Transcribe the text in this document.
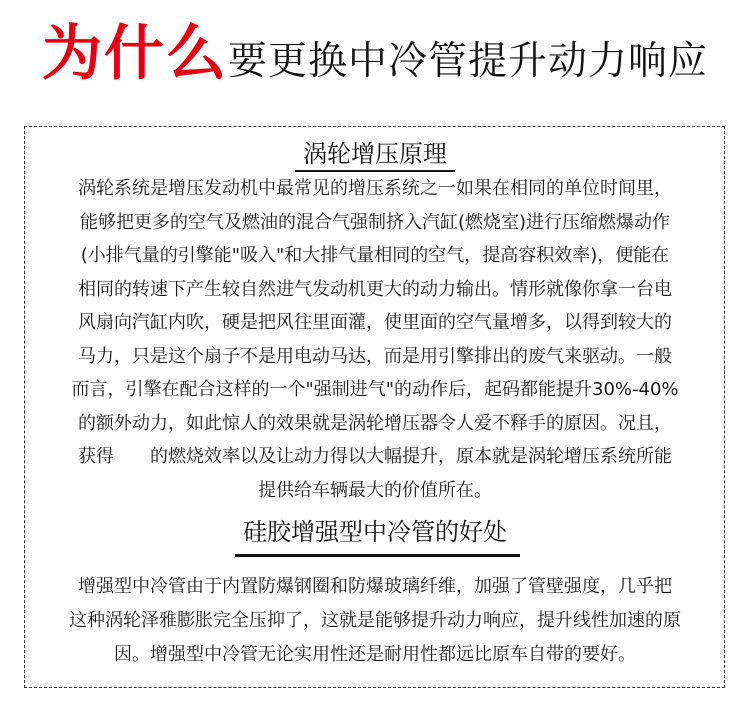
为什么要更换中冷管提升动力响应
涡轮增压原理
涡轮系统是增压发动机中最常见的增压系统之一如果在相同的单位时间里，
能够把更多的空气及燃油的混合气强制挤入汽缸(燃烧室)进行压缩燃爆动作
(小排气量的引擎能"吸入"和大排气量相同的空气，提高容积效率)，便能在
相同的转速下产生较自然进气发动机更大的动力输出。情形就像你拿一台电
风扇向汽缸内吹，硬是把风往里面灌，使里面的空气量增多，以得到较大的
马力，只是这个扇子不是用电动马达，而是用引擎排出的废气来驱动。一般
而言，引擎在配合这样的一个"强制进气"的动作后，起码都能提升30%-40%
的额外动力，如此惊人的效果就是涡轮增压器令人爱不释手的原因。况且，
获得　　的燃烧效率以及让动力得以大幅提升，原本就是涡轮增压系统所能
提供给车辆最大的价值所在。
硅胶增强型中冷管的好处
增强型中冷管由于内置防爆钢圈和防爆玻璃纤维，加强了管壁强度，几乎把
这种涡轮泽雅膨胀完全压抑了，这就是能够提升动力响应，提升线性加速的原
因。增强型中冷管无论实用性还是耐用性都远比原车自带的要好。
